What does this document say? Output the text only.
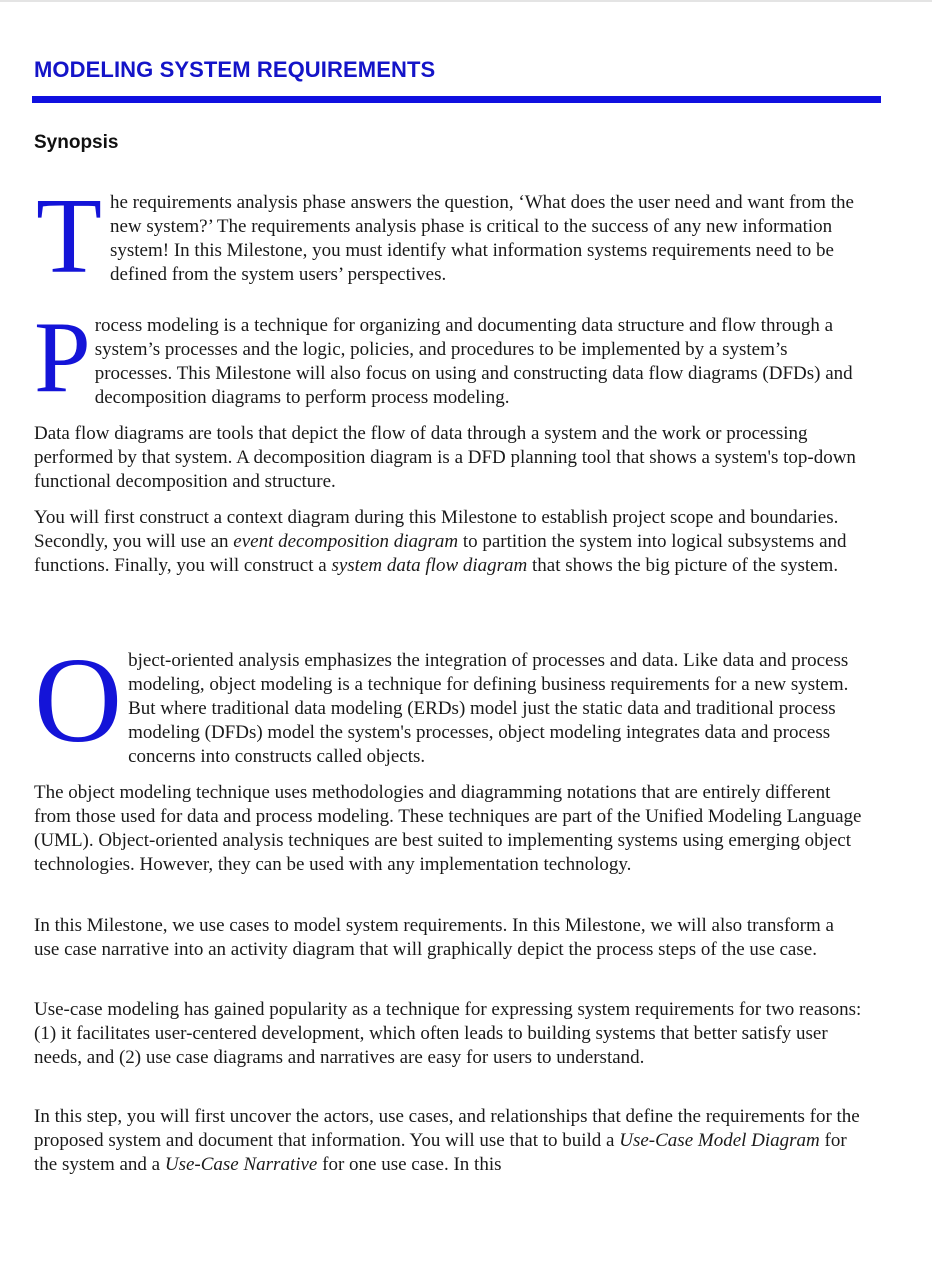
MODELING SYSTEM REQUIREMENTS
Synopsis

The requirements analysis phase answers the question, ‘What does the user need and want from the new system?’ The requirements analysis phase is critical to the success of any new information system! In this Milestone, you must identify what information systems requirements need to be defined from the system users’ perspectives.

Process modeling is a technique for organizing and documenting data structure and flow through a system’s processes and the logic, policies, and procedures to be implemented by a system’s processes. This Milestone will also focus on using and constructing data flow diagrams (DFDs) and decomposition diagrams to perform process modeling.

Data flow diagrams are tools that depict the flow of data through a system and the work or processing performed by that system. A decomposition diagram is a DFD planning tool that shows a system's top-down functional decomposition and structure.

You will first construct a context diagram during this Milestone to establish project scope and boundaries. Secondly, you will use an event decomposition diagram to partition the system into logical subsystems and functions. Finally, you will construct a system data flow diagram that shows the big picture of the system.

Object-oriented analysis emphasizes the integration of processes and data. Like data and process modeling, object modeling is a technique for defining business requirements for a new system. But where traditional data modeling (ERDs) model just the static data and traditional process modeling (DFDs) model the system's processes, object modeling integrates data and process concerns into constructs called objects.

The object modeling technique uses methodologies and diagramming notations that are entirely different from those used for data and process modeling. These techniques are part of the Unified Modeling Language (UML). Object-oriented analysis techniques are best suited to implementing systems using emerging object technologies. However, they can be used with any implementation technology.

In this Milestone, we use cases to model system requirements. In this Milestone, we will also transform a use case narrative into an activity diagram that will graphically depict the process steps of the use case.

Use-case modeling has gained popularity as a technique for expressing system requirements for two reasons: (1) it facilitates user-centered development, which often leads to building systems that better satisfy user needs, and (2) use case diagrams and narratives are easy for users to understand.

In this step, you will first uncover the actors, use cases, and relationships that define the requirements for the proposed system and document that information. You will use that to build a Use-Case Model Diagram for the system and a Use-Case Narrative for one use case. In this
